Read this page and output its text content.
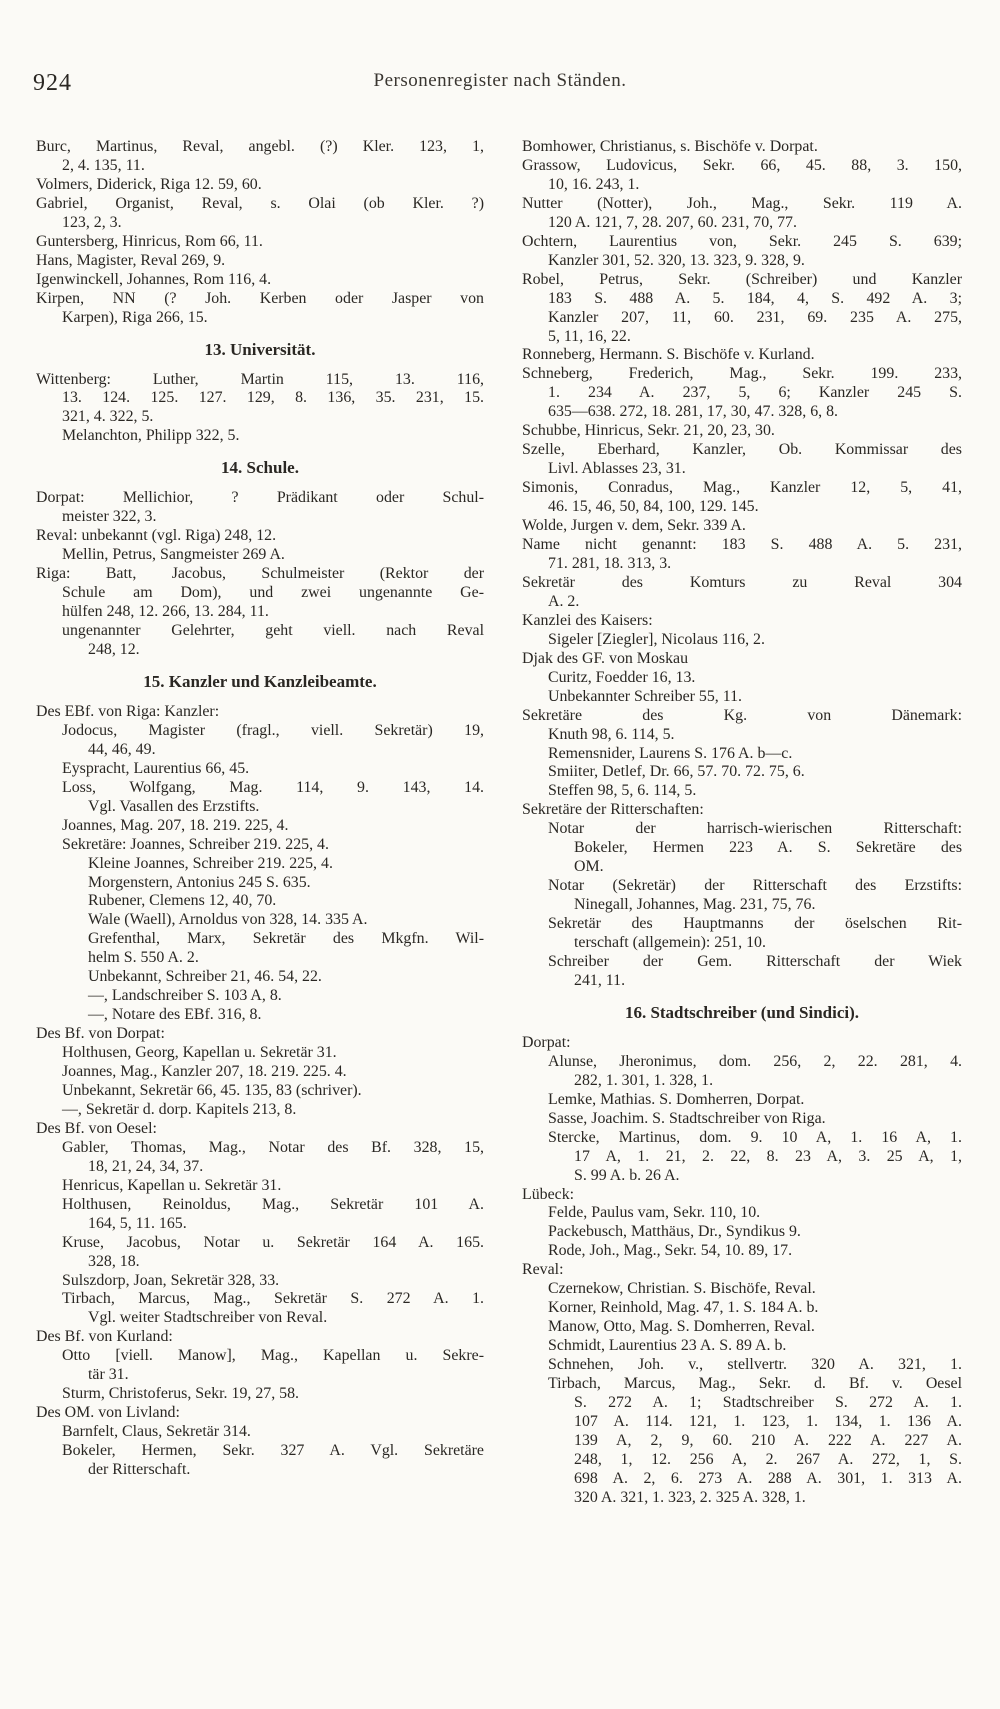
924	Personenregister nach Ständen.
Burc, Martinus, Reval, angebl. (?) Kler. 123, 1,
2, 4. 135, 11.
Volmers, Diderick, Riga 12. 59, 60.
Gabriel, Organist, Reval, s. Olai (ob Kler. ?)
123, 2, 3.
Guntersberg, Hinricus, Rom 66, 11.
Hans, Magister, Reval 269, 9.
Igenwinckell, Johannes, Rom 116, 4.
Kirpen, NN (? Joh. Kerben oder Jasper von
Karpen), Riga 266, 15.
13. Universität.
Wittenberg: Luther, Martin 115, 13. 116,
13. 124. 125. 127. 129, 8. 136, 35. 231, 15.
321, 4. 322, 5.
Melanchton, Philipp 322, 5.
14. Schule.
Dorpat: Mellichior, ? Prädikant oder Schul-
meister 322, 3.
Reval: unbekannt (vgl. Riga) 248, 12.
Mellin, Petrus, Sangmeister 269 A.
Riga: Batt, Jacobus, Schulmeister (Rektor der
Schule am Dom), und zwei ungenannte Ge-
hülfen 248, 12. 266, 13. 284, 11.
ungenannter Gelehrter, geht viell. nach Reval
248, 12.
15. Kanzler und Kanzleibeamte.
Des EBf. von Riga: Kanzler:
Jodocus, Magister (fragl., viell. Sekretär) 19,
44, 46, 49.
Eyspracht, Laurentius 66, 45.
Loss, Wolfgang, Mag. 114, 9. 143, 14.
Vgl. Vasallen des Erzstifts.
Joannes, Mag. 207, 18. 219. 225, 4.
Sekretäre: Joannes, Schreiber 219. 225, 4.
Kleine Joannes, Schreiber 219. 225, 4.
Morgenstern, Antonius 245 S. 635.
Rubener, Clemens 12, 40, 70.
Wale (Waell), Arnoldus von 328, 14. 335 A.
Grefenthal, Marx, Sekretär des Mkgfn. Wil-
helm S. 550 A. 2.
Unbekannt, Schreiber 21, 46. 54, 22.
—, Landschreiber S. 103 A, 8.
—, Notare des EBf. 316, 8.
Des Bf. von Dorpat:
Holthusen, Georg, Kapellan u. Sekretär 31.
Joannes, Mag., Kanzler 207, 18. 219. 225. 4.
Unbekannt, Sekretär 66, 45. 135, 83 (schriver).
—, Sekretär d. dorp. Kapitels 213, 8.
Des Bf. von Oesel:
Gabler, Thomas, Mag., Notar des Bf. 328, 15,
18, 21, 24, 34, 37.
Henricus, Kapellan u. Sekretär 31.
Holthusen, Reinoldus, Mag., Sekretär 101 A.
164, 5, 11. 165.
Kruse, Jacobus, Notar u. Sekretär 164 A. 165.
328, 18.
Sulszdorp, Joan, Sekretär 328, 33.
Tirbach, Marcus, Mag., Sekretär S. 272 A. 1.
Vgl. weiter Stadtschreiber von Reval.
Des Bf. von Kurland:
Otto [viell. Manow], Mag., Kapellan u. Sekre-
tär 31.
Sturm, Christoferus, Sekr. 19, 27, 58.
Des OM. von Livland:
Barnfelt, Claus, Sekretär 314.
Bokeler, Hermen, Sekr. 327 A. Vgl. Sekretäre
der Ritterschaft.
Bomhower, Christianus, s. Bischöfe v. Dorpat.
Grassow, Ludovicus, Sekr. 66, 45. 88, 3. 150,
10, 16. 243, 1.
Nutter (Notter), Joh., Mag., Sekr. 119 A.
120 A. 121, 7, 28. 207, 60. 231, 70, 77.
Ochtern, Laurentius von, Sekr. 245 S. 639;
Kanzler 301, 52. 320, 13. 323, 9. 328, 9.
Robel, Petrus, Sekr. (Schreiber) und Kanzler
183 S. 488 A. 5. 184, 4, S. 492 A. 3;
Kanzler 207, 11, 60. 231, 69. 235 A. 275,
5, 11, 16, 22.
Ronneberg, Hermann. S. Bischöfe v. Kurland.
Schneberg, Frederich, Mag., Sekr. 199. 233,
1. 234 A. 237, 5, 6; Kanzler 245 S.
635—638. 272, 18. 281, 17, 30, 47. 328, 6, 8.
Schubbe, Hinricus, Sekr. 21, 20, 23, 30.
Szelle, Eberhard, Kanzler, Ob. Kommissar des
Livl. Ablasses 23, 31.
Simonis, Conradus, Mag., Kanzler 12, 5, 41,
46. 15, 46, 50, 84, 100, 129. 145.
Wolde, Jurgen v. dem, Sekr. 339 A.
Name nicht genannt: 183 S. 488 A. 5. 231,
71. 281, 18. 313, 3.
Sekretär des Komturs zu Reval 304
A. 2.
Kanzlei des Kaisers:
Sigeler [Ziegler], Nicolaus 116, 2.
Djak des GF. von Moskau
Curitz, Foedder 16, 13.
Unbekannter Schreiber 55, 11.
Sekretäre des Kg. von Dänemark:
Knuth 98, 6. 114, 5.
Remensnider, Laurens S. 176 A. b—c.
Smiiter, Detlef, Dr. 66, 57. 70. 72. 75, 6.
Steffen 98, 5, 6. 114, 5.
Sekretäre der Ritterschaften:
Notar der harrisch-wierischen Ritterschaft:
Bokeler, Hermen 223 A. S. Sekretäre des
OM.
Notar (Sekretär) der Ritterschaft des Erzstifts:
Ninegall, Johannes, Mag. 231, 75, 76.
Sekretär des Hauptmanns der öselschen Rit-
terschaft (allgemein): 251, 10.
Schreiber der Gem. Ritterschaft der Wiek
241, 11.
16. Stadtschreiber (und Sindici).
Dorpat:
Alunse, Jheronimus, dom. 256, 2, 22. 281, 4.
282, 1. 301, 1. 328, 1.
Lemke, Mathias. S. Domherren, Dorpat.
Sasse, Joachim. S. Stadtschreiber von Riga.
Stercke, Martinus, dom. 9. 10 A, 1. 16 A, 1.
17 A, 1. 21, 2. 22, 8. 23 A, 3. 25 A, 1,
S. 99 A. b. 26 A.
Lübeck:
Felde, Paulus vam, Sekr. 110, 10.
Packebusch, Matthäus, Dr., Syndikus 9.
Rode, Joh., Mag., Sekr. 54, 10. 89, 17.
Reval:
Czernekow, Christian. S. Bischöfe, Reval.
Korner, Reinhold, Mag. 47, 1. S. 184 A. b.
Manow, Otto, Mag. S. Domherren, Reval.
Schmidt, Laurentius 23 A. S. 89 A. b.
Schnehen, Joh. v., stellvertr. 320 A. 321, 1.
Tirbach, Marcus, Mag., Sekr. d. Bf. v. Oesel
S. 272 A. 1; Stadtschreiber S. 272 A. 1.
107 A. 114. 121, 1. 123, 1. 134, 1. 136 A.
139 A, 2, 9, 60. 210 A. 222 A. 227 A.
248, 1, 12. 256 A, 2. 267 A. 272, 1, S.
698 A. 2, 6. 273 A. 288 A. 301, 1. 313 A.
320 A. 321, 1. 323, 2. 325 A. 328, 1.
